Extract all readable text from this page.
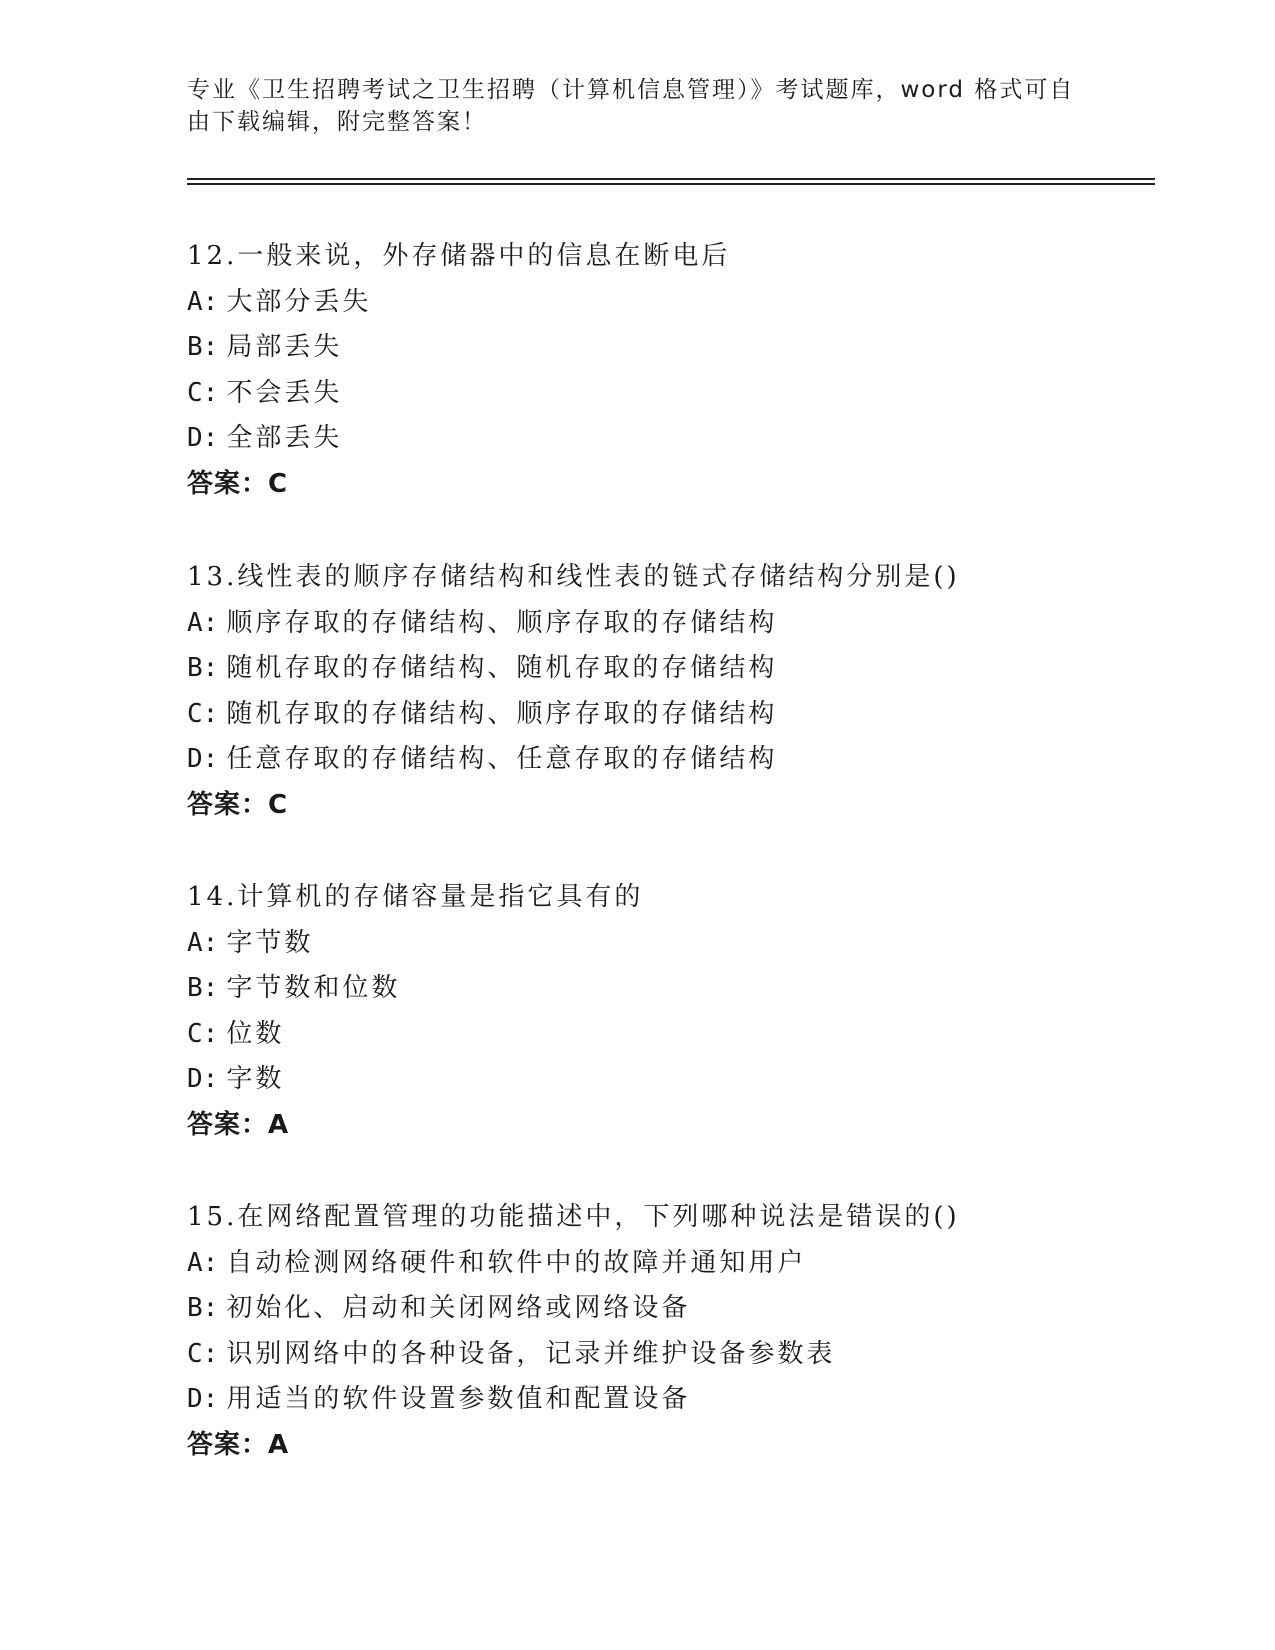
专业《卫生招聘考试之卫生招聘（计算机信息管理）》考试题库，word 格式可自
由下载编辑，附完整答案！
12.一般来说，外存储器中的信息在断电后
A: 大部分丢失
B: 局部丢失
C: 不会丢失
D: 全部丢失
答案：C
13.线性表的顺序存储结构和线性表的链式存储结构分别是()
A: 顺序存取的存储结构、顺序存取的存储结构
B: 随机存取的存储结构、随机存取的存储结构
C: 随机存取的存储结构、顺序存取的存储结构
D: 任意存取的存储结构、任意存取的存储结构
答案：C
14.计算机的存储容量是指它具有的
A: 字节数
B: 字节数和位数
C: 位数
D: 字数
答案：A
15.在网络配置管理的功能描述中，下列哪种说法是错误的()
A: 自动检测网络硬件和软件中的故障并通知用户
B: 初始化、启动和关闭网络或网络设备
C: 识别网络中的各种设备，记录并维护设备参数表
D: 用适当的软件设置参数值和配置设备
答案：A
